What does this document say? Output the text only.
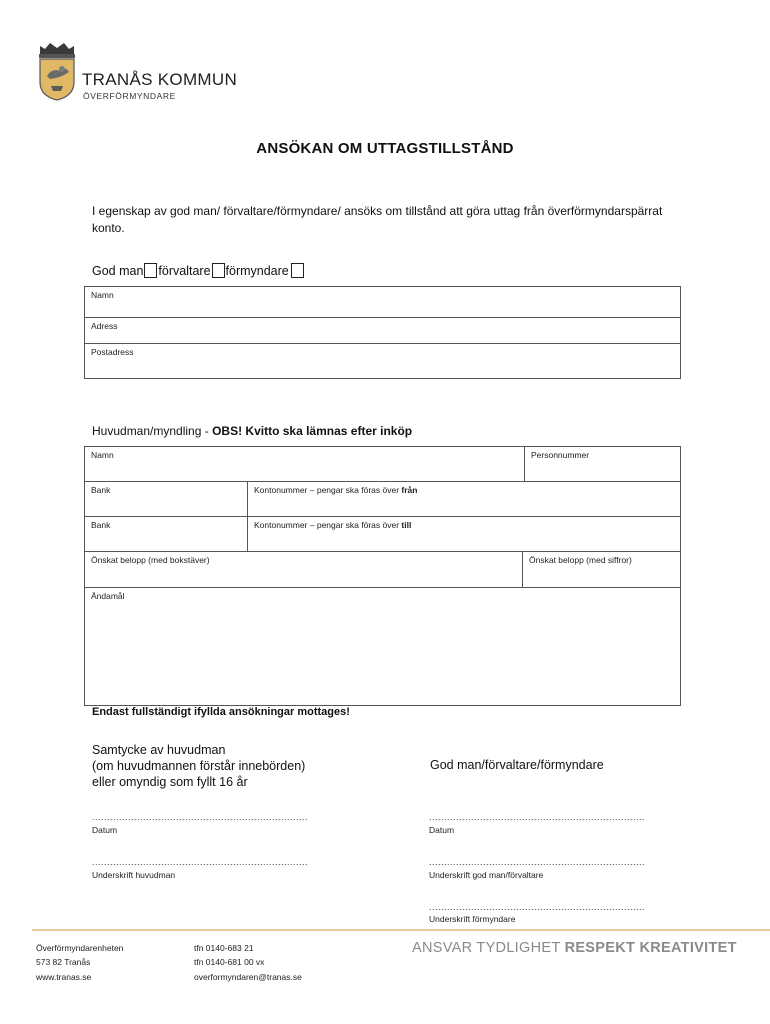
TRANÅS KOMMUN
ÖVERFÖRMYNDARE
ANSÖKAN OM UTTAGSTILLSTÅND
I egenskap av god man/ förvaltare/förmyndare/ ansöks om tillstånd att göra uttag från överförmyndarspärrat konto.
God man förvaltare förmyndare
Namn
Adress
Postadress
Huvudman/myndling - OBS! Kvitto ska lämnas efter inköp
Namn	Personnummer
Bank	Kontonummer – pengar ska föras över från
Bank	Kontonummer – pengar ska föras över till
Önskat belopp (med bokstäver)	Önskat belopp (med siffror)
Ändamål
Endast fullständigt ifyllda ansökningar mottages!
Samtycke av huvudman
(om huvudmannen förstår innebörden)
eller omyndig som fyllt 16 år
God man/förvaltare/förmyndare
........................................................................
Datum
........................................................................
Underskrift huvudman
........................................................................
Datum
........................................................................
Underskrift god man/förvaltare
........................................................................
Underskrift förmyndare
Överförmyndarenheten
573 82 Tranås
www.tranas.se
tfn 0140-683 21
tfn 0140-681 00 vx
overformyndaren@tranas.se
ANSVAR TYDLIGHET RESPEKT KREATIVITET
